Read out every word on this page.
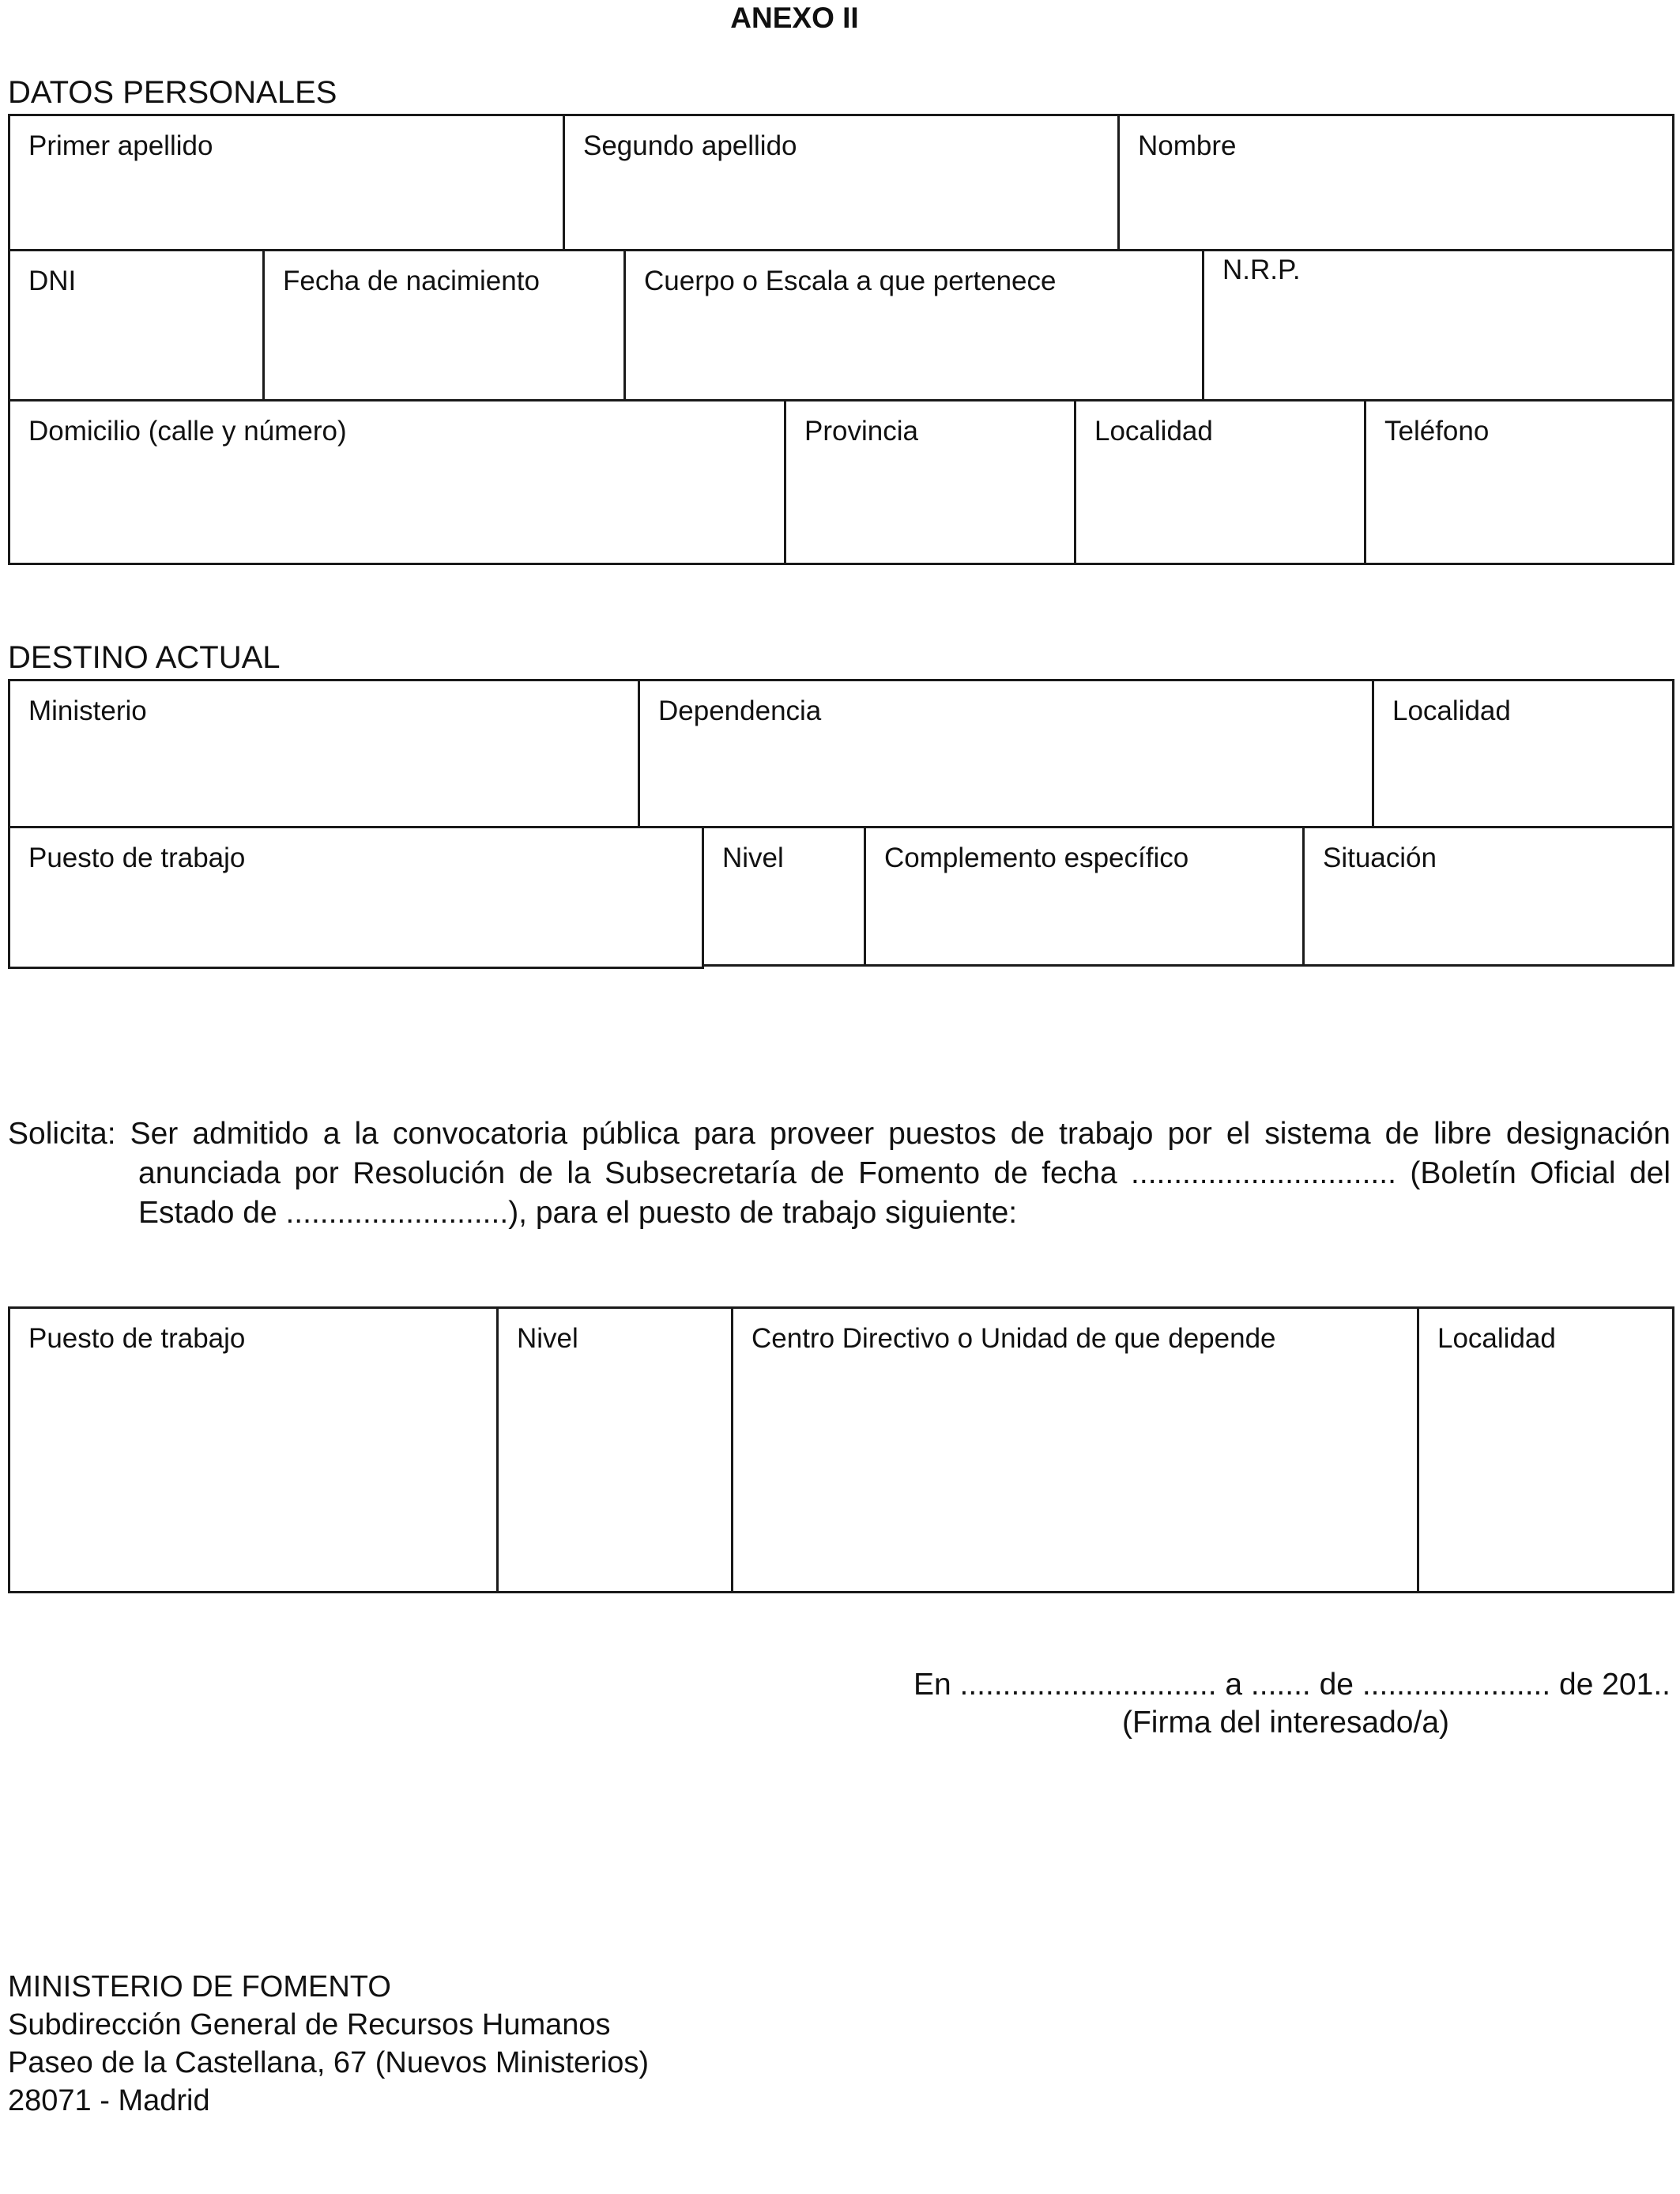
ANEXO II
DATOS PERSONALES
Primer apellido	Segundo apellido	Nombre
DNI	Fecha de nacimiento	Cuerpo o Escala a que pertenece	N.R.P.
Domicilio (calle y número)	Provincia	Localidad	Teléfono
DESTINO ACTUAL
Ministerio	Dependencia	Localidad
Puesto de trabajo	Nivel	Complemento específico	Situación
Solicita: Ser admitido a la convocatoria pública para proveer puestos de trabajo por el sistema de libre designación
anunciada por Resolución de la Subsecretaría de Fomento de fecha ............................... (Boletín Oficial del
Estado de ..........................), para el puesto de trabajo siguiente:
Puesto de trabajo	Nivel	Centro Directivo o Unidad de que depende	Localidad
En .............................. a ....... de ...................... de 201..
(Firma del interesado/a)
MINISTERIO DE FOMENTO
Subdirección General de Recursos Humanos
Paseo de la Castellana, 67 (Nuevos Ministerios)
28071 - Madrid
